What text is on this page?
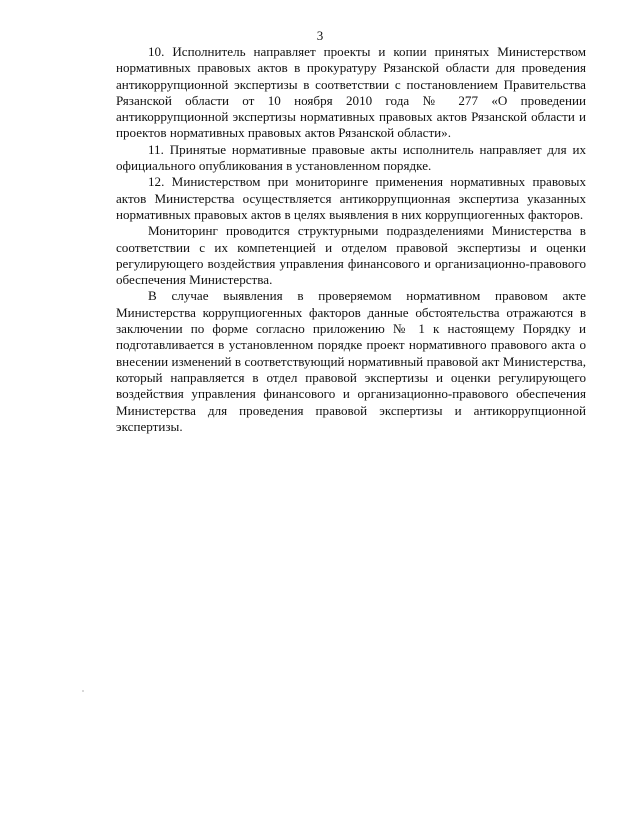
3

10. Исполнитель направляет проекты и копии принятых Министерством нормативных правовых актов в прокуратуру Рязанской области для проведения антикоррупционной экспертизы в соответствии с постановлением Правительства Рязанской области от 10 ноября 2010 года № 277 «О проведении антикоррупционной экспертизы нормативных правовых актов Рязанской области и проектов нормативных правовых актов Рязанской области».

11. Принятые нормативные правовые акты исполнитель направляет для их официального опубликования в установленном порядке.

12. Министерством при мониторинге применения нормативных правовых актов Министерства осуществляется антикоррупционная экспертиза указанных нормативных правовых актов в целях выявления в них коррупциогенных факторов.

Мониторинг проводится структурными подразделениями Министерства в соответствии с их компетенцией и отделом правовой экспертизы и оценки регулирующего воздействия управления финансового и организационно-правового обеспечения Министерства.

В случае выявления в проверяемом нормативном правовом акте Министерства коррупциогенных факторов данные обстоятельства отражаются в заключении по форме согласно приложению № 1 к настоящему Порядку и подготавливается в установленном порядке проект нормативного правового акта о внесении изменений в соответствующий нормативный правовой акт Министерства, который направляется в отдел правовой экспертизы и оценки регулирующего воздействия управления финансового и организационно-правового обеспечения Министерства для проведения правовой экспертизы и антикоррупционной экспертизы.
